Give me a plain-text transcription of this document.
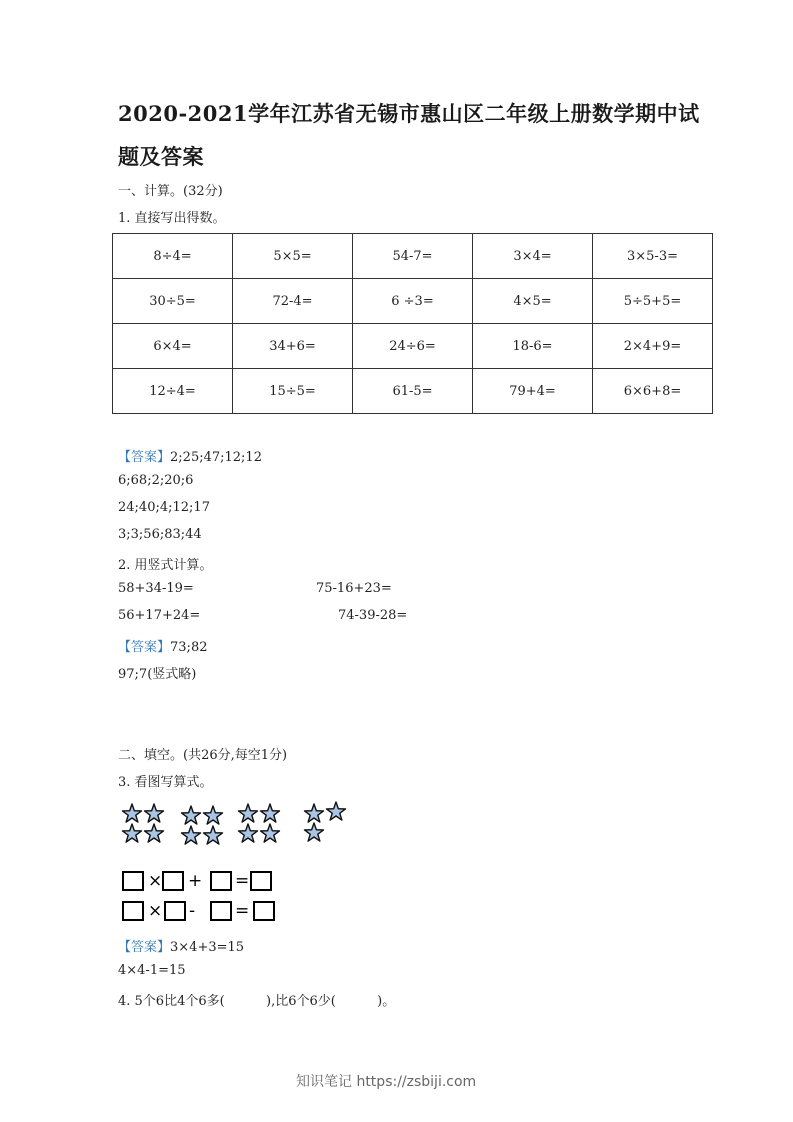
2020-2021学年江苏省无锡市惠山区二年级上册数学期中试
题及答案
一、计算。(32分)
1. 直接写出得数。
8÷4=	5×5=	54-7=	3×4=	3×5-3=
30÷5=	72-4=	6 ÷3=	4×5=	5÷5+5=
6×4=	34+6=	24÷6=	18-6=	2×4+9=
12÷4=	15÷5=	61-5=	79+4=	6×6+8=
【答案】2;25;47;12;12
6;68;2;20;6
24;40;4;12;17
3;3;56;83;44
2. 用竖式计算。
58+34-19=	75-16+23=
56+17+24=	74-39-28=
【答案】73;82
97;7(竖式略)
二、填空。(共26分,每空1分)
3. 看图写算式。
× + =
× - =
【答案】3×4+3=15
4×4-1=15
4. 5个6比4个6多(          ),比6个6少(          )。
知识笔记 https://zsbiji.com
